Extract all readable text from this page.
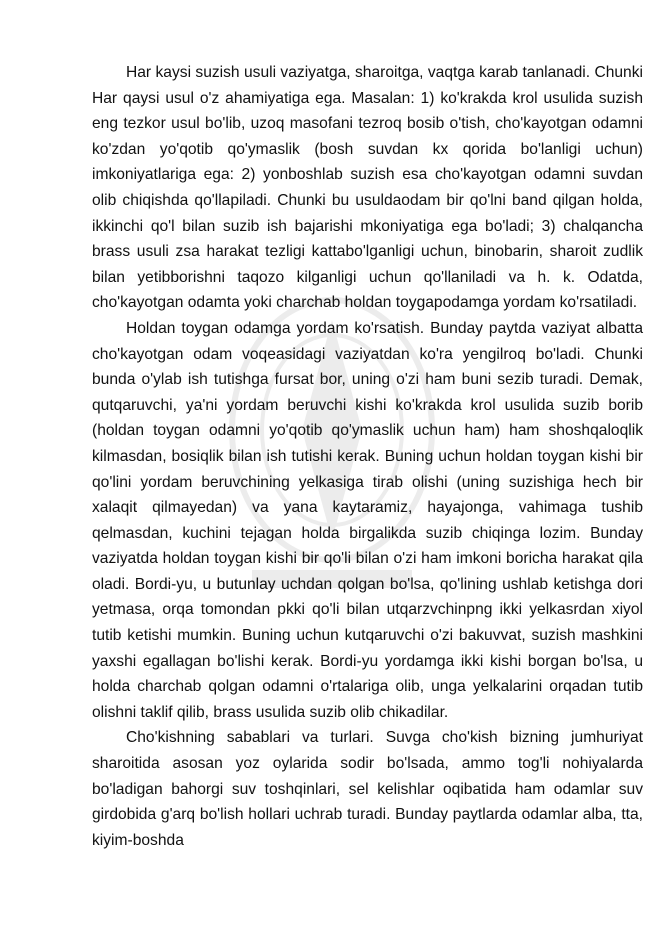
Har kaysi suzish usuli vaziyatga, sharoitga, vaqtga karab tanlanadi. Chunki Har qaysi usul o'z ahamiyatiga ega. Masalan: 1) ko'krakda krol usulida suzish eng tezkor usul bo'lib, uzoq masofani tezroq bosib o'tish, cho'kayotgan odamni ko'zdan yo'qotib qo'ymaslik (bosh suvdan kx qorida bo'lanligi uchun) imkoniyatlariga ega: 2) yonboshlab suzish esa cho'kayotgan odamni suvdan olib chiqishda qo'llapiladi. Chunki bu usuldaodam bir qo'lni band qilgan holda, ikkinchi qo'l bilan suzib ish bajarishi mkoniyatiga ega bo'ladi; 3) chalqancha brass usuli zsa harakat tezligi kattabo'lganligi uchun, binobarin, sharoit zudlik bilan yetibborishni taqozo kilganligi uchun qo'llaniladi va h. k. Odatda, cho'kayotgan odamta yoki charchab holdan toygapodamga yordam ko'rsatiladi.

Holdan toygan odamga yordam ko'rsatish. Bunday paytda vaziyat albatta cho'kayotgan odam voqeasidagi vaziyatdan ko'ra yengilroq bo'ladi. Chunki bunda o'ylab ish tutishga fursat bor, uning o'zi ham buni sezib turadi. Demak, qutqaruvchi, ya'ni yordam beruvchi kishi ko'krakda krol usulida suzib borib (holdan toygan odamni yo'qotib qo'ymaslik uchun ham) ham shoshqaloqlik kilmasdan, bosiqlik bilan ish tutishi kerak. Buning uchun holdan toygan kishi bir qo'lini yordam beruvchining yelkasiga tirab olishi (uning suzishiga hech bir xalaqit qilmayedan) va yana kaytaramiz, hayajonga, vahimaga tushib qelmasdan, kuchini tejagan holda birgalikda suzib chiqinga lozim. Bunday vaziyatda holdan toygan kishi bir qo'li bilan o'zi ham imkoni boricha harakat qila oladi. Bordi-yu, u butunlay uchdan qolgan bo'lsa, qo'lining ushlab ketishga dori yetmasa, orqa tomondan pkki qo'li bilan utqarzvchinpng ikki yelkasrdan xiyol tutib ketishi mumkin. Buning uchun kutqaruvchi o'zi bakuvvat, suzish mashkini yaxshi egallagan bo'lishi kerak. Bordi-yu yordamga ikki kishi borgan bo'lsa, u holda charchab qolgan odamni o'rtalariga olib, unga yelkalarini orqadan tutib olishni taklif qilib, brass usulida suzib olib chikadilar.

Cho'kishning sabablari va turlari. Suvga cho'kish bizning jumhuriyat sharoitida asosan yoz oylarida sodir bo'lsada, ammo tog'li nohiyalarda bo'ladigan bahorgi suv toshqinlari, sel kelishlar oqibatida ham odamlar suv girdobida g'arq bo'lish hollari uchrab turadi. Bunday paytlarda odamlar alba, tta, kiyim-boshda
